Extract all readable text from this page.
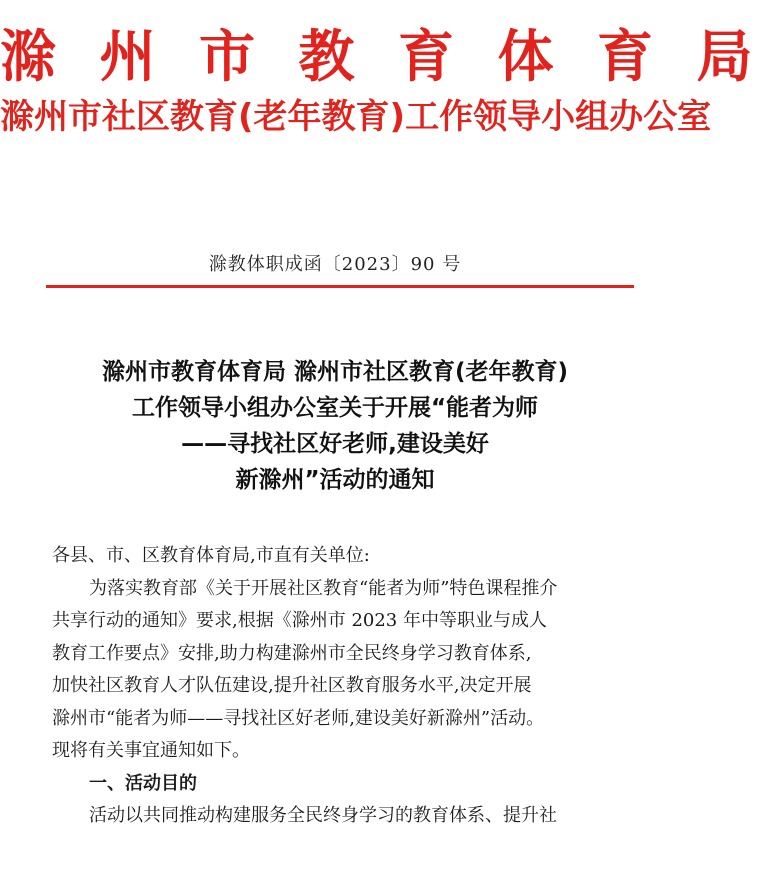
滁 州 市 教 育 体 育 局
滁州市社区教育(老年教育)工作领导小组办公室
滁教体职成函〔2023〕90 号
滁州市教育体育局 滁州市社区教育(老年教育)
工作领导小组办公室关于开展“能者为师
——寻找社区好老师,建设美好
新滁州”活动的通知

各县、市、区教育体育局,市直有关单位:

为落实教育部《关于开展社区教育“能者为师”特色课程推介

共享行动的通知》要求,根据《滁州市 2023 年中等职业与成人

教育工作要点》安排,助力构建滁州市全民终身学习教育体系,

加快社区教育人才队伍建设,提升社区教育服务水平,决定开展

滁州市“能者为师——寻找社区好老师,建设美好新滁州”活动。

现将有关事宜通知如下。

一、活动目的

活动以共同推动构建服务全民终身学习的教育体系、提升社
